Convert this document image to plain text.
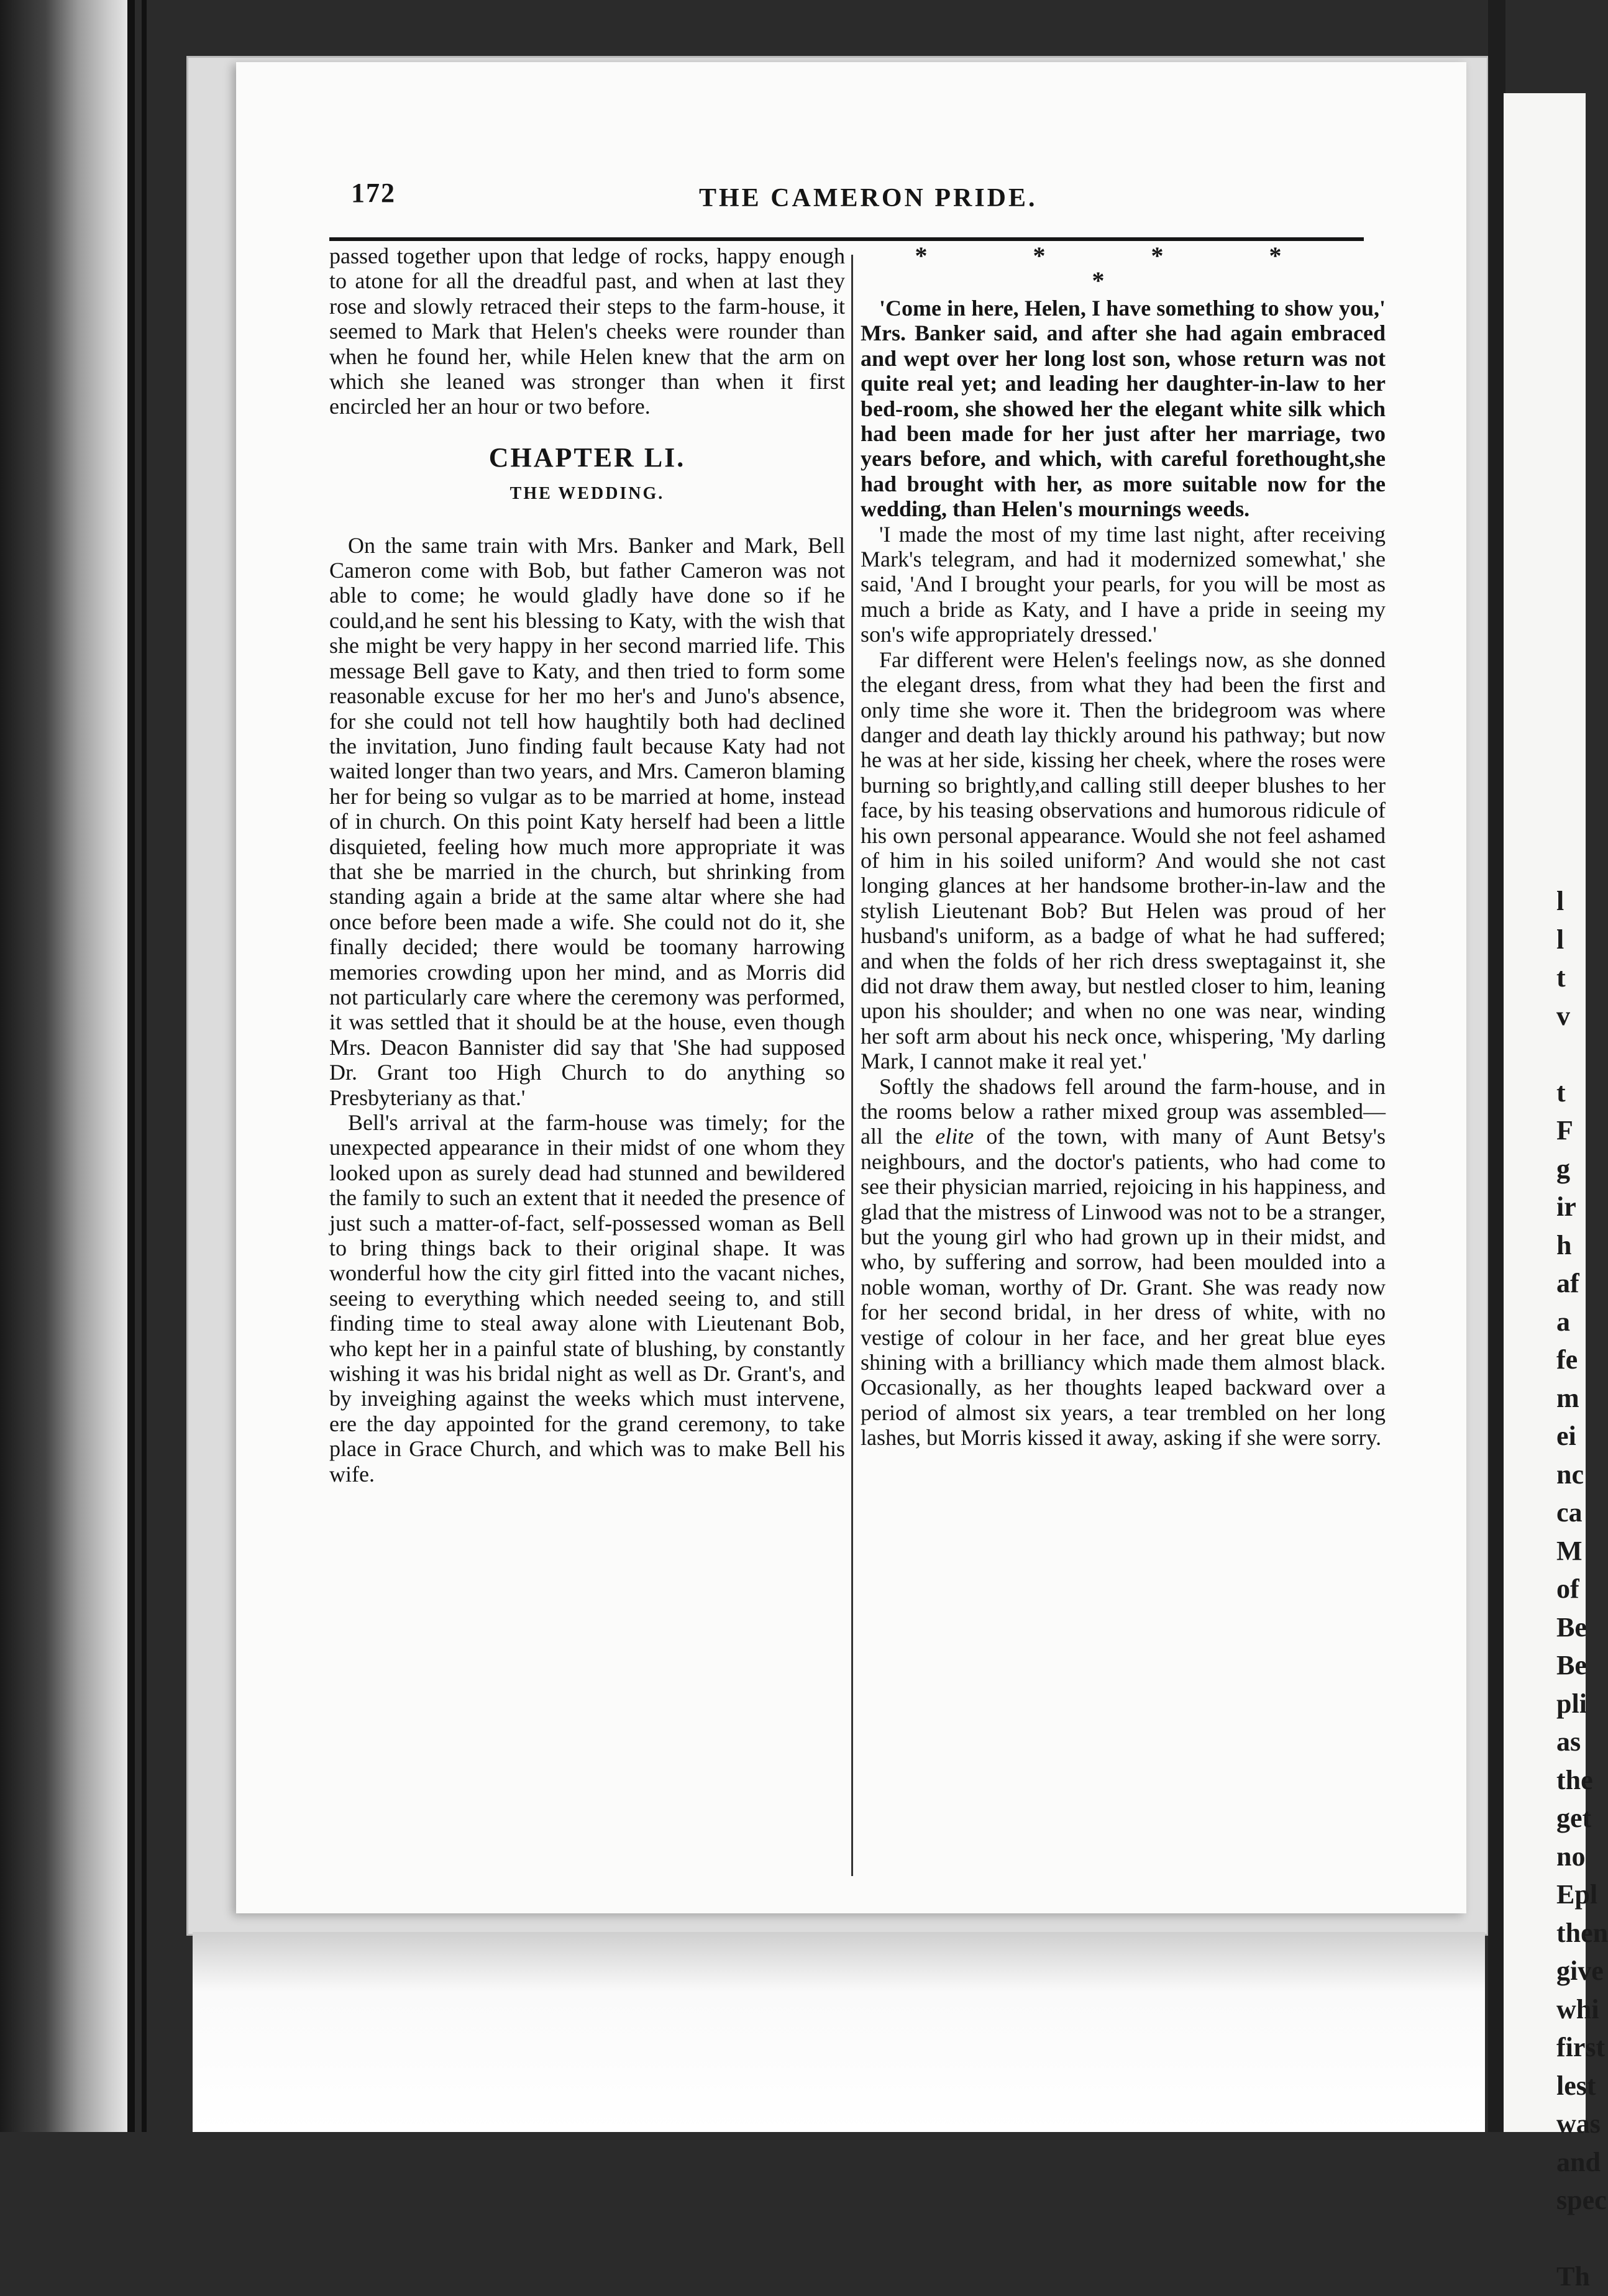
l
l
t
v

t
F
g
ir
h
af
a
fe
m
ei
nc
ca
M
of
Be
Be
pli
as
the
get
no
Epl
then
give
whi
first
lest
was
and
spec

Th
172	THE CAMERON PRIDE.

passed together upon that ledge of rocks, happy enough to atone for all the dreadful past, and when at last they rose and slowly retraced their steps to the farm-house, it seemed to Mark that Helen's cheeks were rounder than when he found her, while Helen knew that the arm on which she leaned was stronger than when it first encircled her an hour or two before.

CHAPTER LI.
THE WEDDING.

On the same train with Mrs. Banker and Mark, Bell Cameron come with Bob, but father Cameron was not able to come; he would gladly have done so if he could,and he sent his blessing to Katy, with the wish that she might be very happy in her second married life. This message Bell gave to Katy, and then tried to form some reasonable excuse for her mo her's and Juno's absence, for she could not tell how haughtily both had declined the invitation, Juno finding fault because Katy had not waited longer than two years, and Mrs. Cameron blaming her for being so vulgar as to be married at home, instead of in church. On this point Katy herself had been a little disquieted, feeling how much more appropriate it was that she be married in the church, but shrinking from standing again a bride at the same altar where she had once before been made a wife. She could not do it, she finally decided; there would be toomany harrowing memories crowding upon her mind, and as Morris did not particularly care where the ceremony was performed, it was settled that it should be at the house, even though Mrs. Deacon Bannister did say that 'She had supposed Dr. Grant too High Church to do anything so Presbyteriany as that.'

Bell's arrival at the farm-house was timely; for the unexpected appearance in their midst of one whom they looked upon as surely dead had stunned and bewildered the family to such an extent that it needed the presence of just such a matter-of-fact, self-possessed woman as Bell to bring things back to their original shape. It was wonderful how the city girl fitted into the vacant niches, seeing to everything which needed seeing to, and still finding time to steal away alone with Lieutenant Bob, who kept her in a painful state of blushing, by constantly wishing it was his bridal night as well as Dr. Grant's, and by inveighing against the weeks which must intervene, ere the day appointed for the grand ceremony, to take place in Grace Church, and which was to make Bell his wife.

* * * * *

'Come in here, Helen, I have something to show you,' Mrs. Banker said, and after she had again embraced and wept over her long lost son, whose return was not quite real yet; and leading her daughter-in-law to her bed-room, she showed her the elegant white silk which had been made for her just after her marriage, two years before, and which, with careful forethought,she had brought with her, as more suitable now for the wedding, than Helen's mournings weeds.

'I made the most of my time last night, after receiving Mark's telegram, and had it modernized somewhat,' she said, 'And I brought your pearls, for you will be most as much a bride as Katy, and I have a pride in seeing my son's wife appropriately dressed.'

Far different were Helen's feelings now, as she donned the elegant dress, from what they had been the first and only time she wore it. Then the bridegroom was where danger and death lay thickly around his pathway; but now he was at her side, kissing her cheek, where the roses were burning so brightly,and calling still deeper blushes to her face, by his teasing observations and humorous ridicule of his own personal appearance. Would she not feel ashamed of him in his soiled uniform? And would she not cast longing glances at her handsome brother-in-law and the stylish Lieutenant Bob? But Helen was proud of her husband's uniform, as a badge of what he had suffered; and when the folds of her rich dress sweptagainst it, she did not draw them away, but nestled closer to him, leaning upon his shoulder; and when no one was near, winding her soft arm about his neck once, whispering, 'My darling Mark, I cannot make it real yet.'

Softly the shadows fell around the farm-house, and in the rooms below a rather mixed group was assembled—all the elite of the town, with many of Aunt Betsy's neighbours, and the doctor's patients, who had come to see their physician married, rejoicing in his happiness, and glad that the mistress of Linwood was not to be a stranger, but the young girl who had grown up in their midst, and who, by suffering and sorrow, had been moulded into a noble woman, worthy of Dr. Grant. She was ready now for her second bridal, in her dress of white, with no vestige of colour in her face, and her great blue eyes shining with a brilliancy which made them almost black. Occasionally, as her thoughts leaped backward over a period of almost six years, a tear trembled on her long lashes, but Morris kissed it away, asking if she were sorry.
